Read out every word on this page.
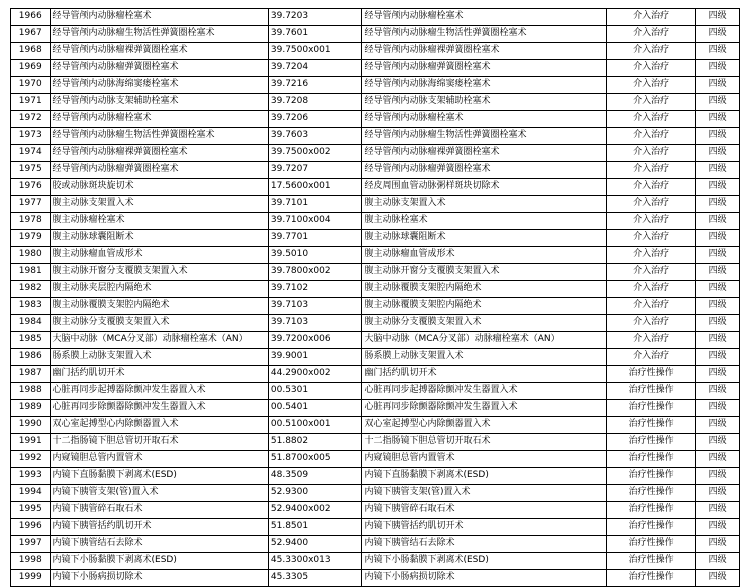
1966	经导管颅内动脉瘤栓塞术	39.7203	经导管颅内动脉瘤栓塞术	介入治疗	四级
1967	经导管颅内动脉瘤生物活性弹簧圈栓塞术	39.7601	经导管颅内动脉瘤生物活性弹簧圈栓塞术	介入治疗	四级
1968	经导管颅内动脉瘤裸弹簧圈栓塞术	39.7500x001	经导管颅内动脉瘤裸弹簧圈栓塞术	介入治疗	四级
1969	经导管颅内动脉瘤弹簧圈栓塞术	39.7204	经导管颅内动脉瘤弹簧圈栓塞术	介入治疗	四级
1970	经导管颅内动脉海绵窦瘘栓塞术	39.7216	经导管颅内动脉海绵窦瘘栓塞术	介入治疗	四级
1971	经导管颅内动脉支架辅助栓塞术	39.7208	经导管颅内动脉支架辅助栓塞术	介入治疗	四级
1972	经导管颅内动脉瘤栓塞术	39.7206	经导管颅内动脉瘤栓塞术	介入治疗	四级
1973	经导管颅内动脉瘤生物活性弹簧圈栓塞术	39.7603	经导管颅内动脉瘤生物活性弹簧圈栓塞术	介入治疗	四级
1974	经导管颅内动脉瘤裸弹簧圈栓塞术	39.7500x002	经导管颅内动脉瘤裸弹簧圈栓塞术	介入治疗	四级
1975	经导管颅内动脉瘤弹簧圈栓塞术	39.7207	经导管颅内动脉瘤弹簧圈栓塞术	介入治疗	四级
1976	胶或动脉斑块旋切术	17.5600x001	经皮周围血管动脉粥样斑块切除术	介入治疗	四级
1977	腹主动脉支架置入术	39.7101	腹主动脉支架置入术	介入治疗	四级
1978	腹主动脉瘤栓塞术	39.7100x004	腹主动脉栓塞术	介入治疗	四级
1979	腹主动脉球囊阻断术	39.7701	腹主动脉球囊阻断术	介入治疗	四级
1980	腹主动脉瘤血管成形术	39.5010	腹主动脉瘤血管成形术	介入治疗	四级
1981	腹主动脉开窗分支覆膜支架置入术	39.7800x002	腹主动脉开窗分支覆膜支架置入术	介入治疗	四级
1982	腹主动脉夹层腔内隔绝术	39.7102	腹主动脉覆膜支架腔内隔绝术	介入治疗	四级
1983	腹主动脉覆膜支架腔内隔绝术	39.7103	腹主动脉覆膜支架腔内隔绝术	介入治疗	四级
1984	腹主动脉分支覆膜支架置入术	39.7103	腹主动脉分支覆膜支架置入术	介入治疗	四级
1985	大脑中动脉（MCA分叉部）动脉瘤栓塞术（AN）	39.7200x006	大脑中动脉（MCA分叉部）动脉瘤栓塞术（AN）	介入治疗	四级
1986	肠系膜上动脉支架置入术	39.9001	肠系膜上动脉支架置入术	介入治疗	四级
1987	幽门括约肌切开术	44.2900x002	幽门括约肌切开术	治疗性操作	四级
1988	心脏再同步起搏器除颤冲发生器置入术	00.5301	心脏再同步起搏器除颤冲发生器置入术	治疗性操作	四级
1989	心脏再同步除颤器除颤冲发生器置入术	00.5401	心脏再同步除颤器除颤冲发生器置入术	治疗性操作	四级
1990	双心室起搏型心内除颤器置入术	00.5100x001	双心室起搏型心内除颤器置入术	治疗性操作	四级
1991	十二指肠镜下胆总管切开取石术	51.8802	十二指肠镜下胆总管切开取石术	治疗性操作	四级
1992	内窥镜胆总管内置管术	51.8700x005	内窥镜胆总管内置管术	治疗性操作	四级
1993	内镜下直肠黏膜下剥离术(ESD)	48.3509	内镜下直肠黏膜下剥离术(ESD)	治疗性操作	四级
1994	内镜下胰管支架(管)置入术	52.9300	内镜下胰管支架(管)置入术	治疗性操作	四级
1995	内镜下胰管碎石取石术	52.9400x002	内镜下胰管碎石取石术	治疗性操作	四级
1996	内镜下胰管括约肌切开术	51.8501	内镜下胰管括约肌切开术	治疗性操作	四级
1997	内镜下胰管结石去除术	52.9400	内镜下胰管结石去除术	治疗性操作	四级
1998	内镜下小肠黏膜下剥离术(ESD)	45.3300x013	内镜下小肠黏膜下剥离术(ESD)	治疗性操作	四级
1999	内镜下小肠病损切除术	45.3305	内镜下小肠病损切除术	治疗性操作	四级
